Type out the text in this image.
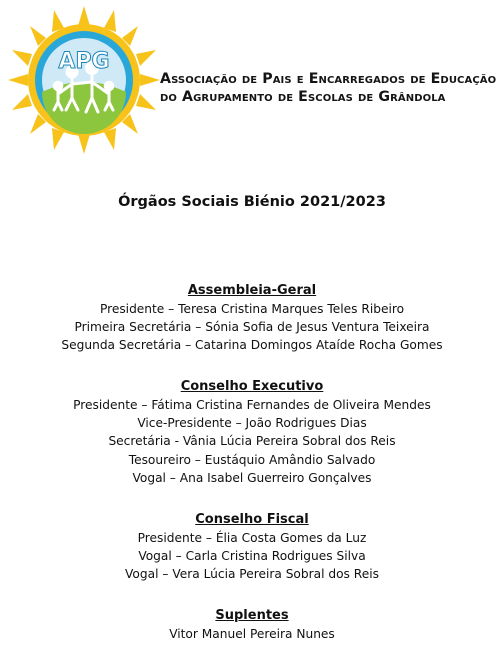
APG
Associação de Pais e Encarregados de Educação
do Agrupamento de Escolas de Grândola
Órgãos Sociais Biénio 2021/2023
Assembleia-Geral
Presidente – Teresa Cristina Marques Teles Ribeiro
Primeira Secretária – Sónia Sofia de Jesus Ventura Teixeira
Segunda Secretária – Catarina Domingos Ataíde Rocha Gomes
Conselho Executivo
Presidente – Fátima Cristina Fernandes de Oliveira Mendes
Vice-Presidente – João Rodrigues Dias
Secretária - Vânia Lúcia Pereira Sobral dos Reis
Tesoureiro – Eustáquio Amândio Salvado
Vogal – Ana Isabel Guerreiro Gonçalves
Conselho Fiscal
Presidente – Élia Costa Gomes da Luz
Vogal – Carla Cristina Rodrigues Silva
Vogal – Vera Lúcia Pereira Sobral dos Reis
Suplentes
Vitor Manuel Pereira Nunes
